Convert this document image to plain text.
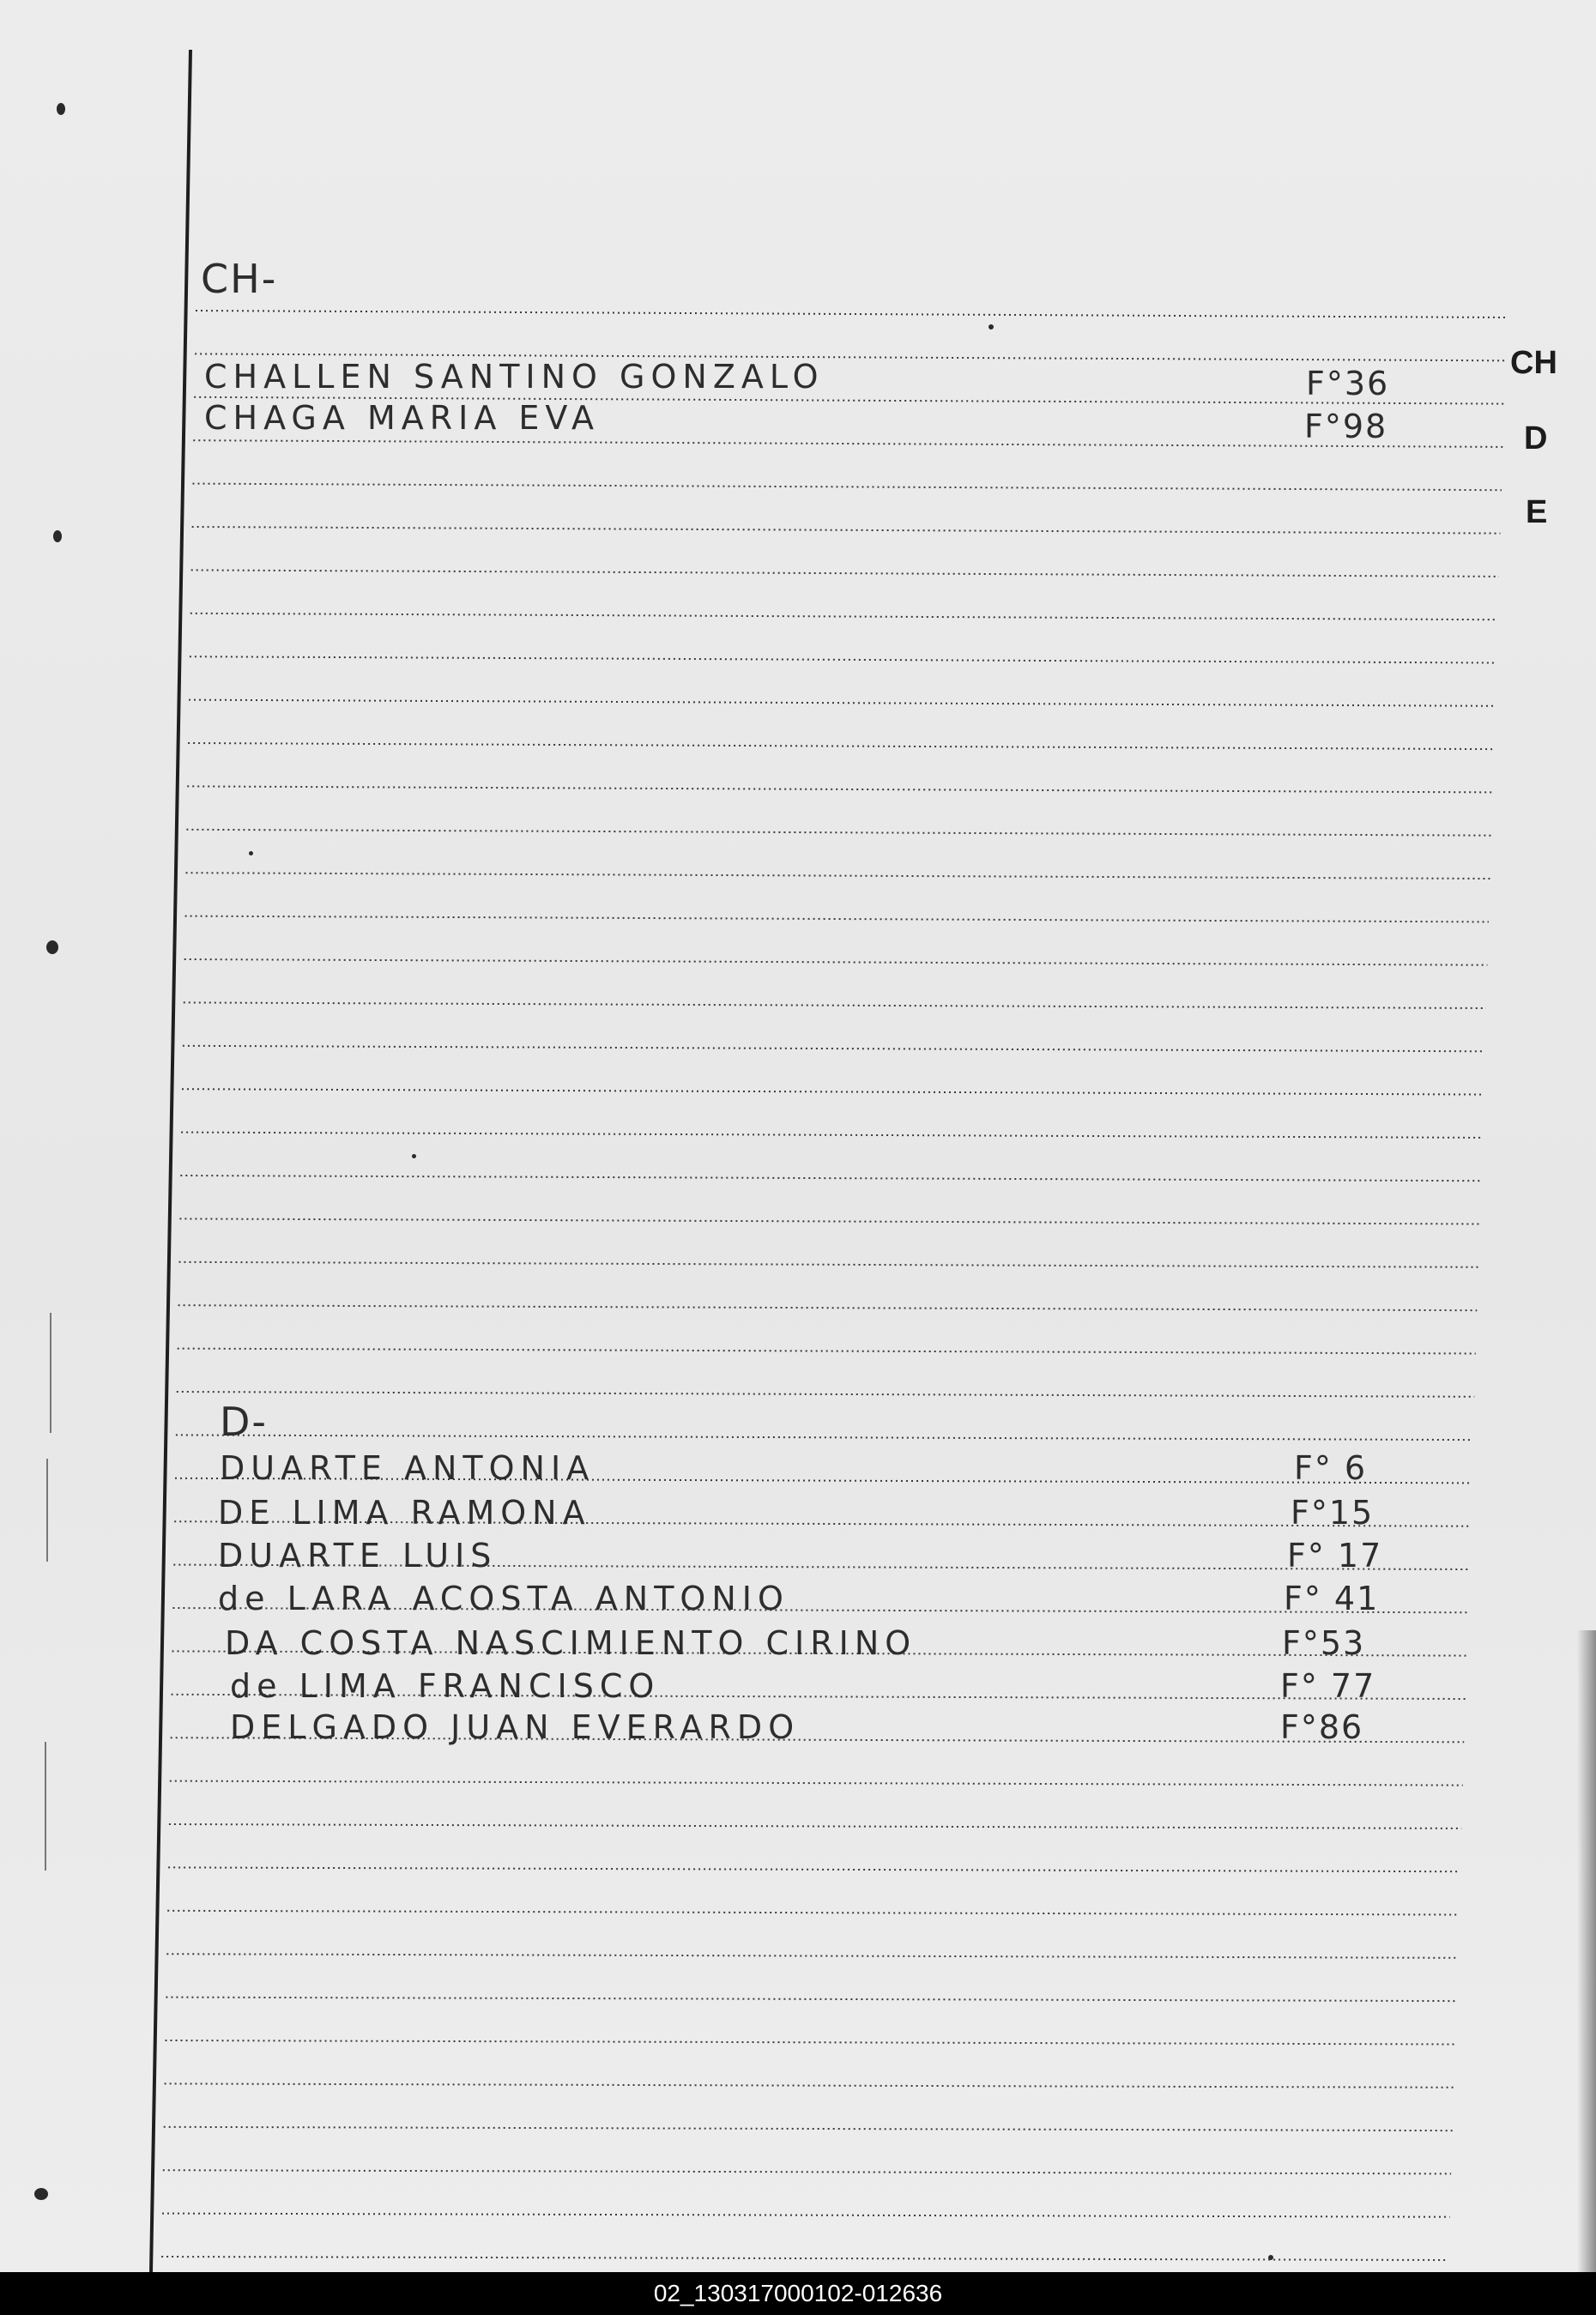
CH-
CHALLEN SANTINO GONZALO	F°36
CHAGA MARIA EVA	F°98
D-
DUARTE ANTONIA	F° 6
DE LIMA RAMONA	F°15
DUARTE LUIS	F° 17
de LARA ACOSTA ANTONIO	F° 41
DA COSTA NASCIMIENTO CIRINO	F°53
de LIMA FRANCISCO	F° 77
DELGADO JUAN EVERARDO	F°86
CH
D
E
02_130317000102-012636
